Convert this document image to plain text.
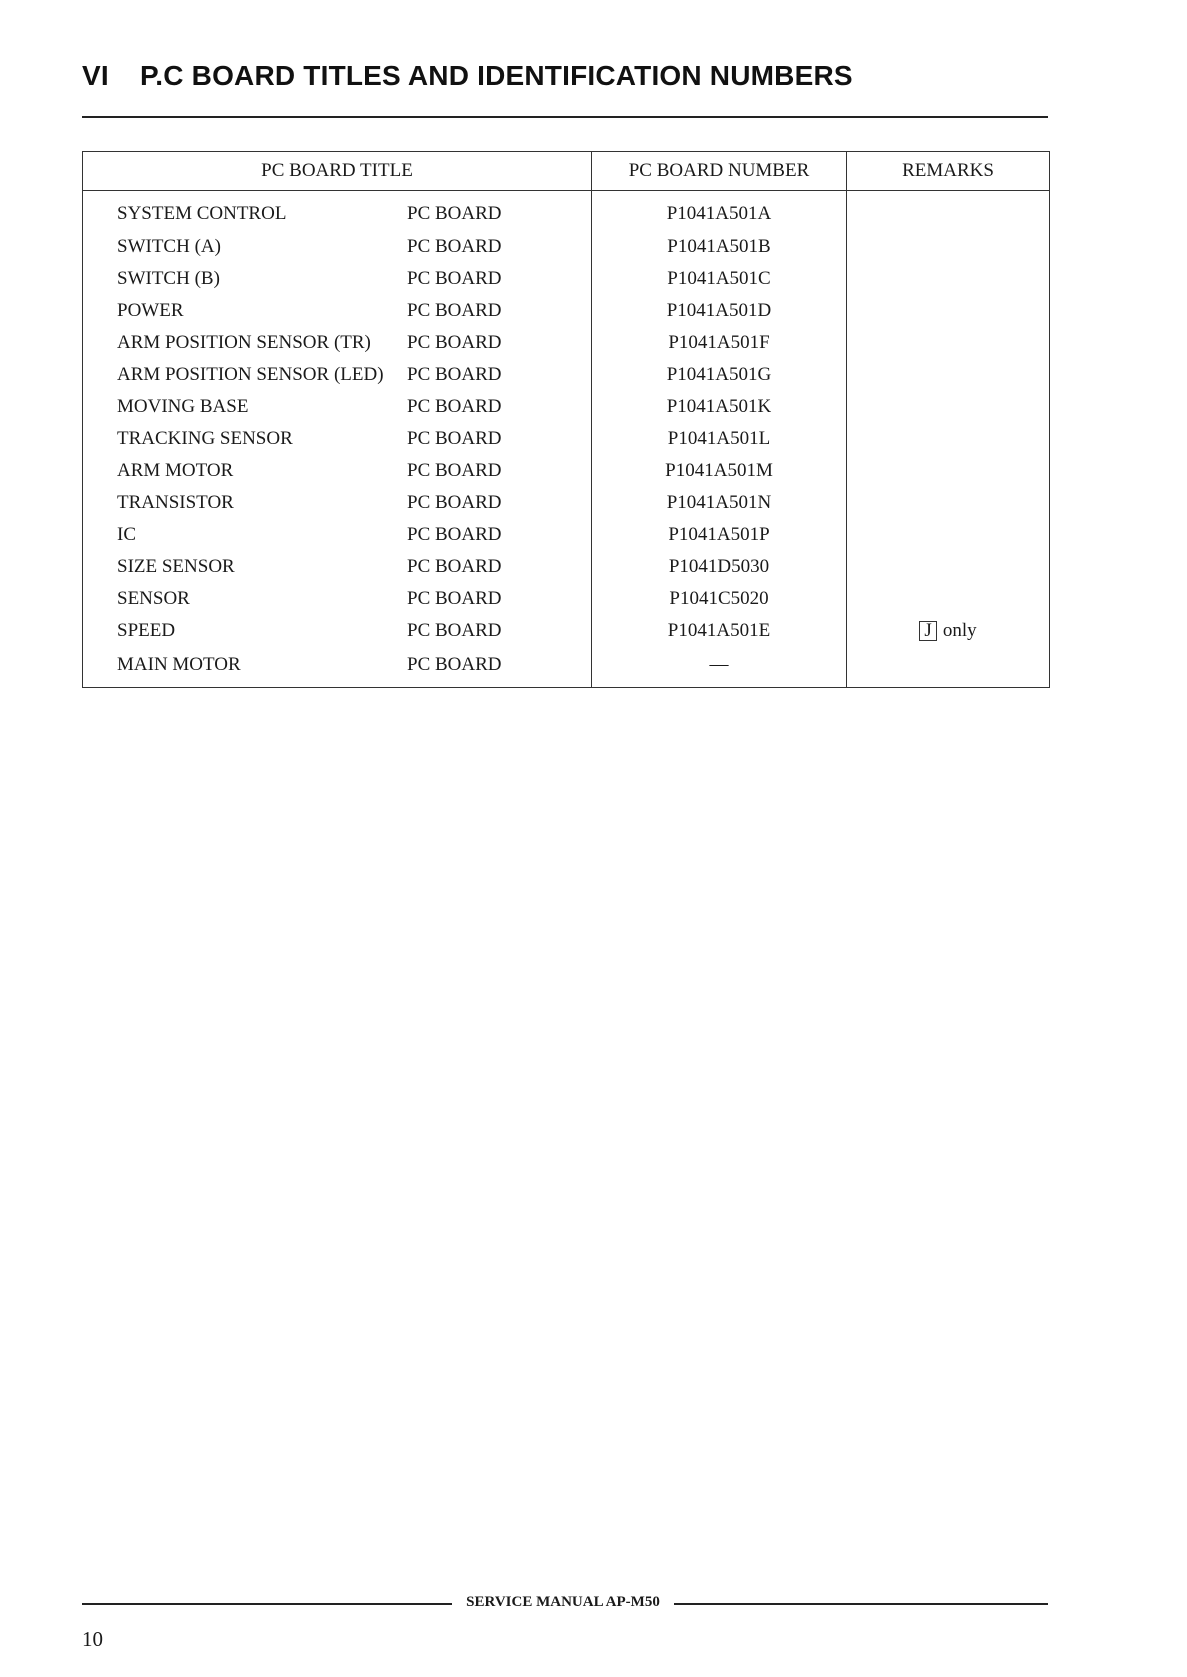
VI P.C BOARD TITLES AND IDENTIFICATION NUMBERS
PC BOARD TITLE		PC BOARD NUMBER	REMARKS
SYSTEM CONTROL	PC BOARD	P1041A501A	
SWITCH (A)	PC BOARD	P1041A501B	
SWITCH (B)	PC BOARD	P1041A501C	
POWER	PC BOARD	P1041A501D	
ARM POSITION SENSOR (TR)	PC BOARD	P1041A501F	
ARM POSITION SENSOR (LED)	PC BOARD	P1041A501G	
MOVING BASE	PC BOARD	P1041A501K	
TRACKING SENSOR	PC BOARD	P1041A501L	
ARM MOTOR	PC BOARD	P1041A501M	
TRANSISTOR	PC BOARD	P1041A501N	
IC	PC BOARD	P1041A501P	
SIZE SENSOR	PC BOARD	P1041D5030	
SENSOR	PC BOARD	P1041C5020	
SPEED	PC BOARD	P1041A501E	J only
MAIN MOTOR	PC BOARD	—	
SERVICE MANUAL AP-M50
10
